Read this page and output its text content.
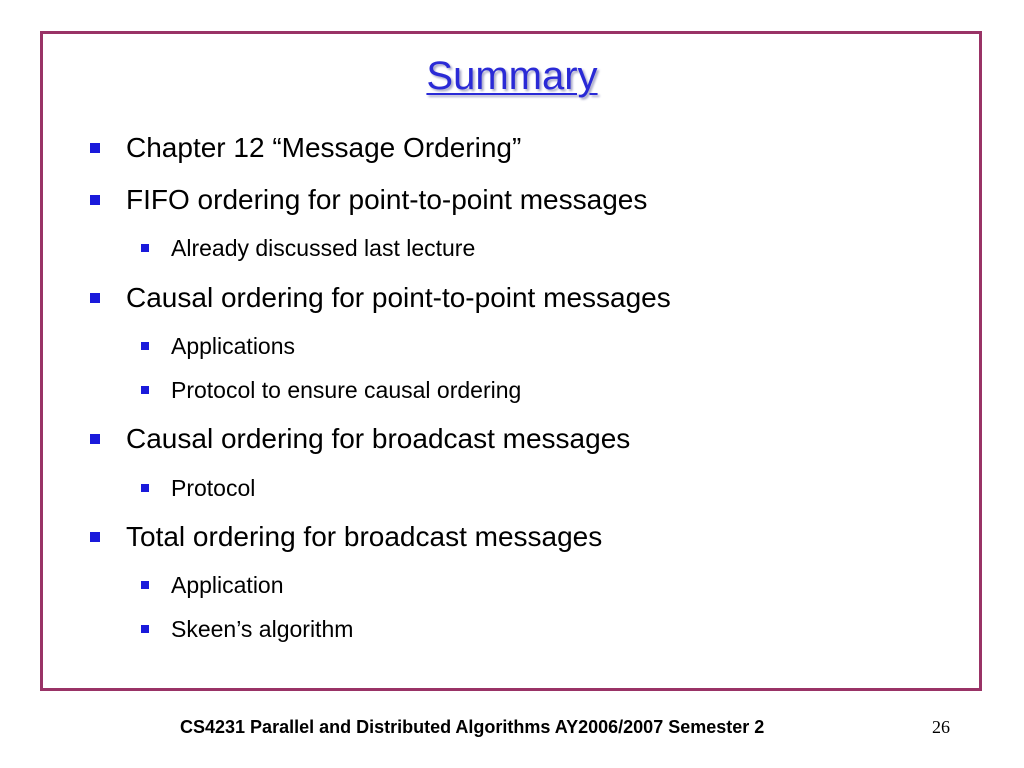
Summary
Chapter 12 “Message Ordering”
FIFO ordering for point-to-point messages
Already discussed last lecture
Causal ordering for point-to-point messages
Applications
Protocol to ensure causal ordering
Causal ordering for broadcast messages
Protocol
Total ordering for broadcast messages
Application
Skeen’s algorithm
CS4231 Parallel and Distributed Algorithms AY2006/2007 Semester 2	26
